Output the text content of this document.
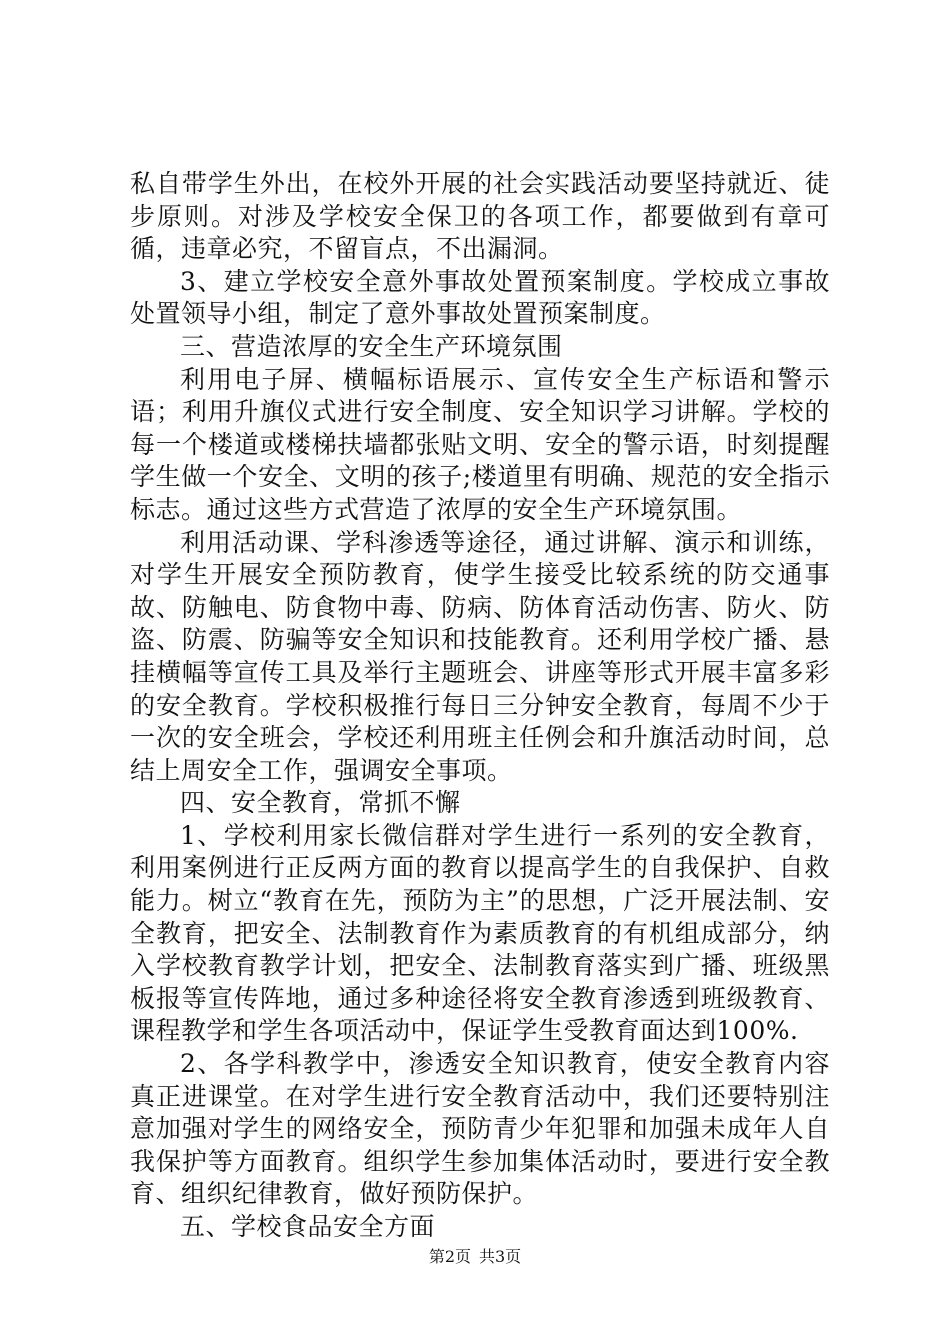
私自带学生外出，在校外开展的社会实践活动要坚持就近、徒步原则。对涉及学校安全保卫的各项工作，都要做到有章可循，违章必究，不留盲点，不出漏洞。

3、建立学校安全意外事故处置预案制度。学校成立事故处置领导小组，制定了意外事故处置预案制度。

三、营造浓厚的安全生产环境氛围

利用电子屏、横幅标语展示、宣传安全生产标语和警示语；利用升旗仪式进行安全制度、安全知识学习讲解。学校的每一个楼道或楼梯扶墙都张贴文明、安全的警示语，时刻提醒学生做一个安全、文明的孩子;楼道里有明确、规范的安全指示标志。通过这些方式营造了浓厚的安全生产环境氛围。

利用活动课、学科渗透等途径，通过讲解、演示和训练，对学生开展安全预防教育，使学生接受比较系统的防交通事故、防触电、防食物中毒、防病、防体育活动伤害、防火、防盗、防震、防骗等安全知识和技能教育。还利用学校广播、悬挂横幅等宣传工具及举行主题班会、讲座等形式开展丰富多彩的安全教育。学校积极推行每日三分钟安全教育，每周不少于一次的安全班会，学校还利用班主任例会和升旗活动时间，总结上周安全工作，强调安全事项。

四、安全教育，常抓不懈

1、学校利用家长微信群对学生进行一系列的安全教育，利用案例进行正反两方面的教育以提高学生的自我保护、自救能力。树立“教育在先，预防为主”的思想，广泛开展法制、安全教育，把安全、法制教育作为素质教育的有机组成部分，纳入学校教育教学计划，把安全、法制教育落实到广播、班级黑板报等宣传阵地，通过多种途径将安全教育渗透到班级教育、课程教学和学生各项活动中，保证学生受教育面达到100%.

2、各学科教学中，渗透安全知识教育，使安全教育内容真正进课堂。在对学生进行安全教育活动中，我们还要特别注意加强对学生的网络安全，预防青少年犯罪和加强未成年人自我保护等方面教育。组织学生参加集体活动时，要进行安全教育、组织纪律教育，做好预防保护。

五、学校食品安全方面

第2页 共3页
